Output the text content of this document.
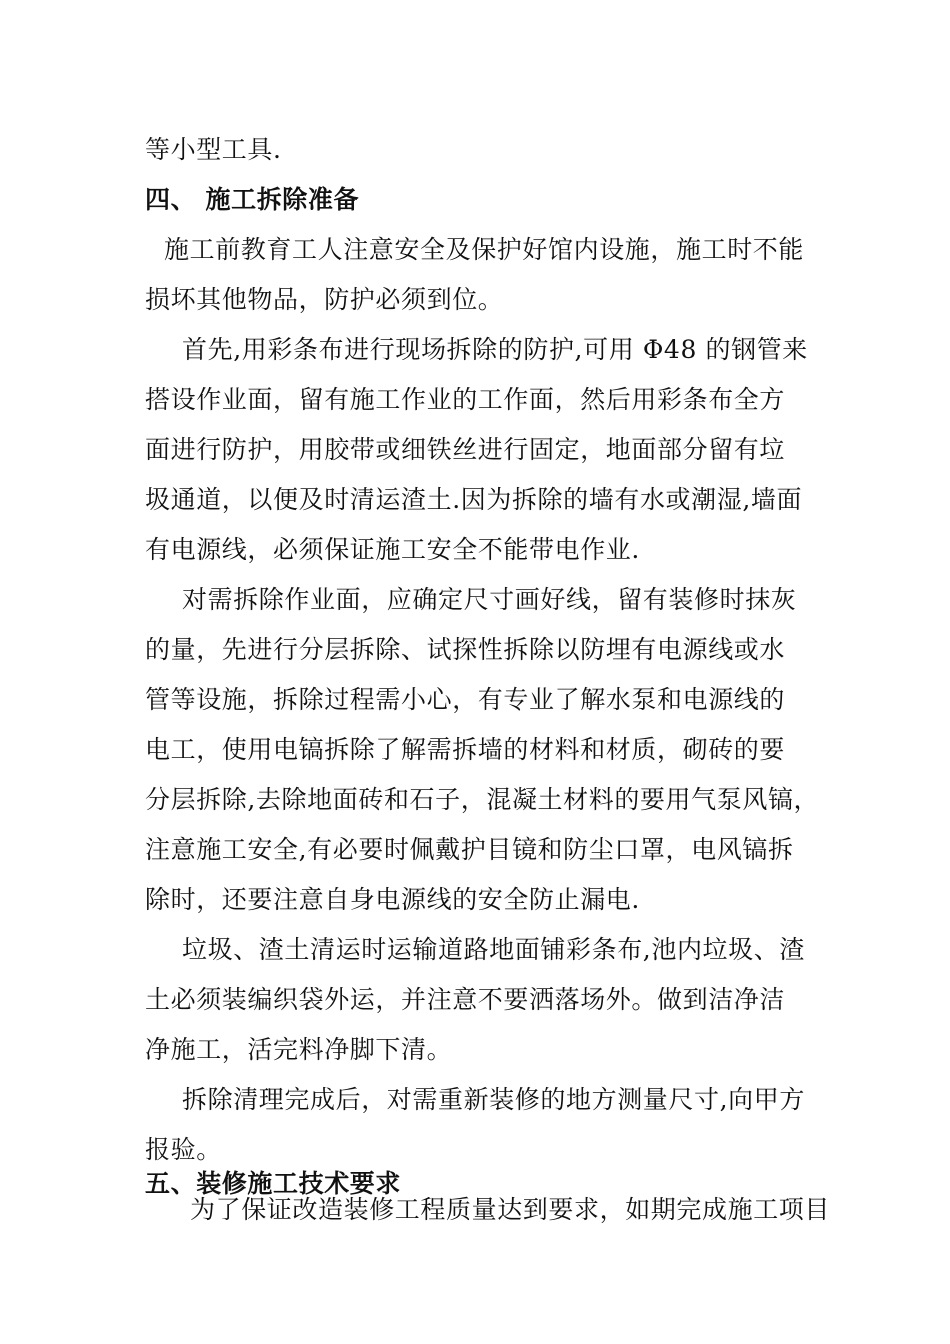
等小型工具.
四、 施工拆除准备
施工前教育工人注意安全及保护好馆内设施，施工时不能
损坏其他物品，防护必须到位。
首先,用彩条布进行现场拆除的防护,可用 Φ48 的钢管来
搭设作业面，留有施工作业的工作面，然后用彩条布全方
面进行防护，用胶带或细铁丝进行固定，地面部分留有垃
圾通道，以便及时清运渣土.因为拆除的墙有水或潮湿,墙面
有电源线，必须保证施工安全不能带电作业.
对需拆除作业面，应确定尺寸画好线，留有装修时抹灰
的量，先进行分层拆除、试探性拆除以防埋有电源线或水
管等设施，拆除过程需小心，有专业了解水泵和电源线的
电工，使用电镐拆除了解需拆墙的材料和材质，砌砖的要
分层拆除,去除地面砖和石子，混凝土材料的要用气泵风镐，
注意施工安全,有必要时佩戴护目镜和防尘口罩，电风镐拆
除时，还要注意自身电源线的安全防止漏电.
垃圾、渣土清运时运输道路地面铺彩条布,池内垃圾、渣
土必须装编织袋外运，并注意不要洒落场外。做到洁净洁
净施工，活完料净脚下清。
拆除清理完成后，对需重新装修的地方测量尺寸,向甲方
报验。
五、装修施工技术要求
为了保证改造装修工程质量达到要求，如期完成施工项目
